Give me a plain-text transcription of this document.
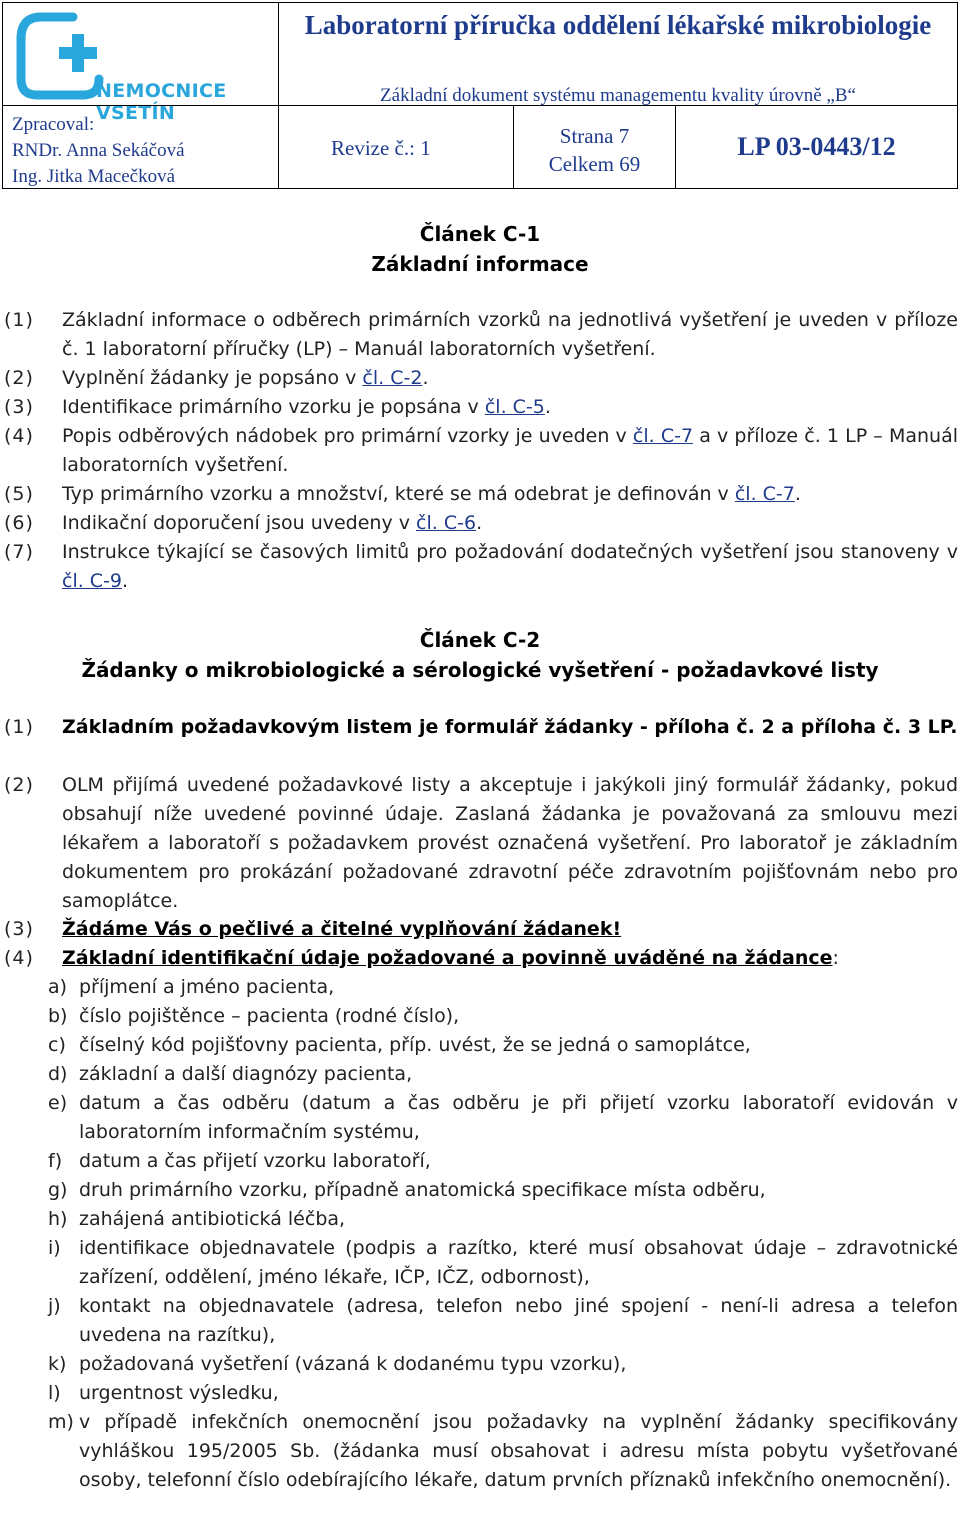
NEMOCNICE VSETÍN
Laboratorní příručka oddělení lékařské mikrobiologie
Základní dokument systému managementu kvality úrovně „B“
Zpracoval:
RNDr. Anna Sekáčová
Ing. Jitka Macečková
Revize č.: 1	Strana 7
Celkem 69
LP 03-0443/12
Článek C-1
Základní informace
(1) Základní informace o odběrech primárních vzorků na jednotlivá vyšetření je uveden v příloze č. 1 laboratorní příručky (LP) – Manuál laboratorních vyšetření.
(2) Vyplnění žádanky je popsáno v čl. C-2.
(3) Identifikace primárního vzorku je popsána v čl. C-5.
(4) Popis odběrových nádobek pro primární vzorky je uveden v čl. C-7 a v příloze č. 1 LP – Manuál laboratorních vyšetření.
(5) Typ primárního vzorku a množství, které se má odebrat je definován v čl. C-7.
(6) Indikační doporučení jsou uvedeny v čl. C-6.
(7) Instrukce týkající se časových limitů pro požadování dodatečných vyšetření jsou stanoveny v čl. C-9.
Článek C-2
Žádanky o mikrobiologické a sérologické vyšetření - požadavkové listy
(1) Základním požadavkovým listem je formulář žádanky - příloha č. 2 a příloha č. 3 LP.
(2) OLM přijímá uvedené požadavkové listy a akceptuje i jakýkoli jiný formulář žádanky, pokud obsahují níže uvedené povinné údaje. Zaslaná žádanka je považovaná za smlouvu mezi lékařem a laboratoří s požadavkem provést označená vyšetření. Pro laboratoř je základním dokumentem pro prokázání požadované zdravotní péče zdravotním pojišťovnám nebo pro samoplátce.
(3) Žádáme Vás o pečlivé a čitelné vyplňování žádanek!
(4) Základní identifikační údaje požadované a povinně uváděné na žádance:
a) příjmení a jméno pacienta,
b) číslo pojištěnce – pacienta (rodné číslo),
c) číselný kód pojišťovny pacienta, příp. uvést, že se jedná o samoplátce,
d) základní a další diagnózy pacienta,
e) datum a čas odběru (datum a čas odběru je při přijetí vzorku laboratoří evidován v laboratorním informačním systému,
f) datum a čas přijetí vzorku laboratoří,
g) druh primárního vzorku, případně anatomická specifikace místa odběru,
h) zahájená antibiotická léčba,
i) identifikace objednavatele (podpis a razítko, které musí obsahovat údaje – zdravotnické zařízení, oddělení, jméno lékaře, IČP, IČZ, odbornost),
j) kontakt na objednavatele (adresa, telefon nebo jiné spojení - není-li adresa a telefon uvedena na razítku),
k) požadovaná vyšetření (vázaná k dodanému typu vzorku),
l) urgentnost výsledku,
m) v případě infekčních onemocnění jsou požadavky na vyplnění žádanky specifikovány vyhláškou 195/2005 Sb. (žádanka musí obsahovat i adresu místa pobytu vyšetřované osoby, telefonní číslo odebírajícího lékaře, datum prvních příznaků infekčního onemocnění).
